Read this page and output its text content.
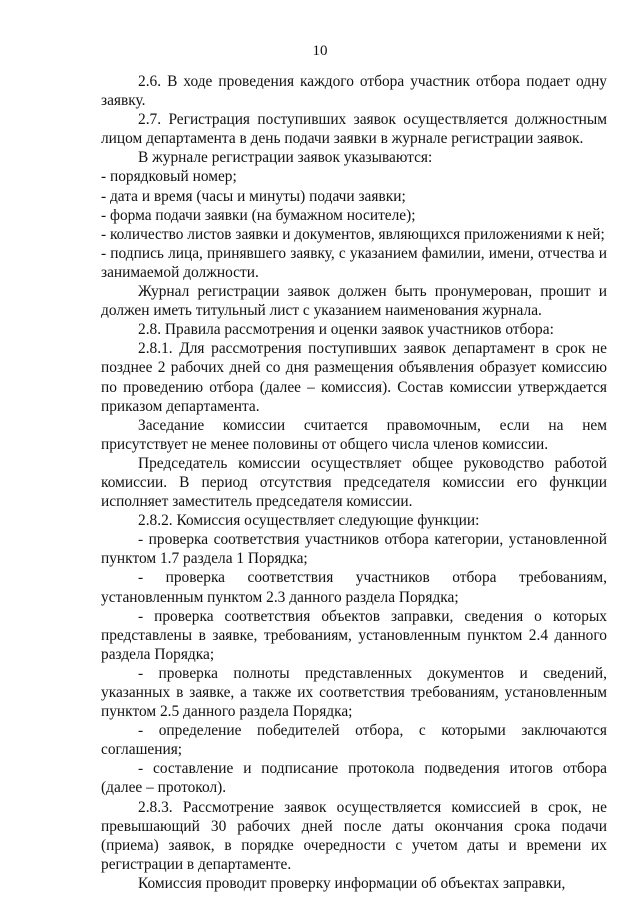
10

2.6. В ходе проведения каждого отбора участник отбора подает одну заявку.

2.7. Регистрация поступивших заявок осуществляется должностным лицом департамента в день подачи заявки в журнале регистрации заявок.

В журнале регистрации заявок указываются:

- порядковый номер;

- дата и время (часы и минуты) подачи заявки;

- форма подачи заявки (на бумажном носителе);

- количество листов заявки и документов, являющихся приложениями к ней;

- подпись лица, принявшего заявку, с указанием фамилии, имени, отчества и занимаемой должности.

Журнал регистрации заявок должен быть пронумерован, прошит и должен иметь титульный лист с указанием наименования журнала.

2.8. Правила рассмотрения и оценки заявок участников отбора:

2.8.1. Для рассмотрения поступивших заявок департамент в срок не позднее 2 рабочих дней со дня размещения объявления образует комиссию по проведению отбора (далее – комиссия). Состав комиссии утверждается приказом департамента.

Заседание комиссии считается правомочным, если на нем присутствует не менее половины от общего числа членов комиссии.

Председатель комиссии осуществляет общее руководство работой комиссии. В период отсутствия председателя комиссии его функции исполняет заместитель председателя комиссии.

2.8.2. Комиссия осуществляет следующие функции:

- проверка соответствия участников отбора категории, установленной пунктом 1.7 раздела 1 Порядка;

- проверка соответствия участников отбора требованиям, установленным пунктом 2.3 данного раздела Порядка;

- проверка соответствия объектов заправки, сведения о которых представлены в заявке, требованиям, установленным пунктом 2.4 данного раздела Порядка;

- проверка полноты представленных документов и сведений, указанных в заявке, а также их соответствия требованиям, установленным пунктом 2.5 данного раздела Порядка;

- определение победителей отбора, с которыми заключаются соглашения;

- составление и подписание протокола подведения итогов отбора (далее – протокол).

2.8.3. Рассмотрение заявок осуществляется комиссией в срок, не превышающий 30 рабочих дней после даты окончания срока подачи (приема) заявок, в порядке очередности с учетом даты и времени их регистрации в департаменте.

Комиссия проводит проверку информации об объектах заправки,
